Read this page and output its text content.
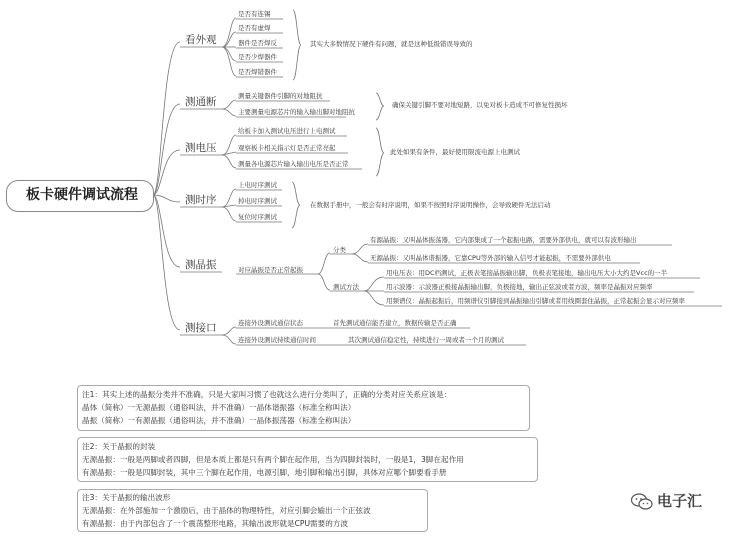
板卡硬件调试流程
看外观
测通断
测电压
测时序
测晶振
测接口
是否有连锡
是否有虚焊
器件是否焊反
是否少焊器件
是否焊错器件
其实大多数情况下硬件有问题，就是这种低级错误导致的
测量关键器件引脚的对地阻抗
主要测量电源芯片的输入输出脚对地阻抗
确保关键引脚不要对地短路，以免对板卡造成不可修复性损坏
给板卡加入测试电压进行上电测试
观察板卡相关指示灯是否正常亮起
测量各电源芯片输入输出电压是否正常
此处如果有条件，最好使用限流电源上电测试
上电时序测试
掉电时序测试
复位时序测试
在数据手册中，一般会有时序说明，如果不按照时序说明操作，会导致硬件无法启动
对应晶振是否正常起振
分类
有源晶振：又叫晶体振荡器，它内部集成了一个起振电路，需要外部供电，就可以有波形输出
无源晶振：又叫晶体谐振器，它靠CPU等外部的输入信号才能起振，不需要外部供电
测试方法
用电压表：用DC档测试，正极表笔接晶振输出脚，负极表笔接地，输出电压大小大约是Vcc的一半
用示波器：示波器正极接晶振输出脚，负极接地，输出正弦波或者方波，频率是晶振对应频率
用频谱仪：晶振起振后，用频谱仪引脚接到晶振输出引脚或者用线圈套住晶振，正常起振会显示对应频率
连接外设测试通信状态	首先测试通信能否建立，数据传输是否正确
连接外设测试持续通信时间	其次测试通信稳定性，持续进行一周或者一个月的测试
注1：其实上述的晶振分类并不准确，只是大家叫习惯了也就这么进行分类叫了，正确的分类对应关系应该是：
晶体（简称）一无源晶振（通俗叫法，并不准确）一晶体谐振器（标准全称叫法）
晶振（简称）一有源晶振（通俗叫法，并不准确）一晶体振荡器（标准全称叫法）
注2：关于晶振的封装
无源晶振：一般是两脚或者四脚，但是本质上都是只有两个脚在起作用，当为四脚封装时，一般是1，3脚在起作用
有源晶振：一般是四脚封装，其中三个脚在起作用，电源引脚，地引脚和输出引脚，具体对应哪个脚要看手册
注3：关于晶振的输出波形
无源晶振：在外部施加一个激励后，由于晶体的物理特性，对应引脚会输出一个正弦波
有源晶振：由于内部包含了一个震荡整形电路，其输出波形就是CPU需要的方波
电子汇
